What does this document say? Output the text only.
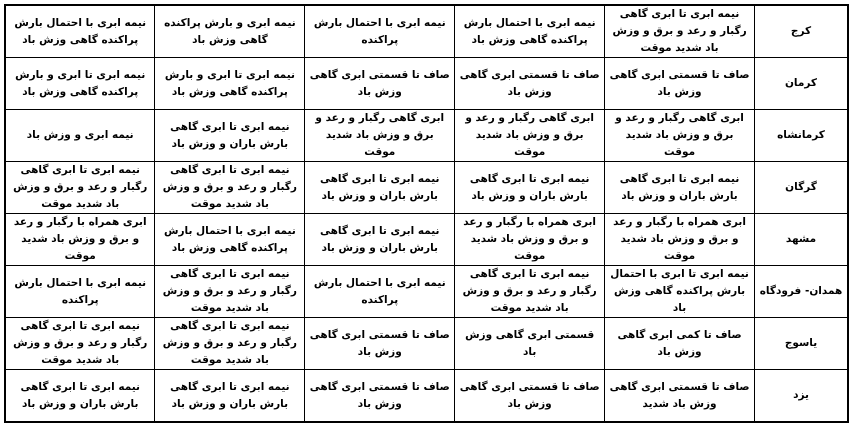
کرج	نیمه ابری تا ابری گاهی رگبار و رعد و برق و وزش باد شدید موقت	نیمه ابری با احتمال بارش پراکنده گاهی وزش باد	نیمه ابری با احتمال بارش پراکنده	نیمه ابری و بارش پراکنده گاهی وزش باد	نیمه ابری با احتمال بارش پراکنده گاهی وزش باد
کرمان	صاف تا قسمتی ابری گاهی وزش باد	صاف تا قسمتی ابری گاهی وزش باد	صاف تا قسمتی ابری گاهی وزش باد	نیمه ابری تا ابری و بارش پراکنده گاهی وزش باد	نیمه ابری تا ابری و بارش پراکنده گاهی وزش باد
کرمانشاه	ابری گاهی رگبار و رعد و برق و وزش باد شدید موقت	ابری گاهی رگبار و رعد و برق و وزش باد شدید موقت	ابری گاهی رگبار و رعد و برق و وزش باد شدید موقت	نیمه ابری تا ابری گاهی بارش باران و وزش باد	نیمه ابری و وزش باد
گرگان	نیمه ابری تا ابری گاهی بارش باران و وزش باد	نیمه ابری تا ابری گاهی بارش باران و وزش باد	نیمه ابری تا ابری گاهی بارش باران و وزش باد	نیمه ابری تا ابری گاهی رگبار و رعد و برق و وزش باد شدید موقت	نیمه ابری تا ابری گاهی رگبار و رعد و برق و وزش باد شدید موقت
مشهد	ابری همراه با رگبار و رعد و برق و وزش باد شدید موقت	ابری همراه با رگبار و رعد و برق و وزش باد شدید موقت	نیمه ابری تا ابری گاهی بارش باران و وزش باد	نیمه ابری با احتمال بارش پراکنده گاهی وزش باد	ابری همراه با رگبار و رعد و برق و وزش باد شدید موقت
همدان- فرودگاه	نیمه ابری تا ابری با احتمال بارش پراکنده گاهی وزش باد	نیمه ابری تا ابری گاهی رگبار و رعد و برق و وزش باد شدید موقت	نیمه ابری با احتمال بارش پراکنده	نیمه ابری تا ابری گاهی رگبار و رعد و برق و وزش باد شدید موقت	نیمه ابری با احتمال بارش پراکنده
یاسوج	صاف تا کمی ابری گاهی وزش باد	قسمتی ابری گاهی وزش باد	صاف تا قسمتی ابری گاهی وزش باد	نیمه ابری تا ابری گاهی رگبار و رعد و برق و وزش باد شدید موقت	نیمه ابری تا ابری گاهی رگبار و رعد و برق و وزش باد شدید موقت
یزد	صاف تا قسمتی ابری گاهی وزش باد شدید	صاف تا قسمتی ابری گاهی وزش باد	صاف تا قسمتی ابری گاهی وزش باد	نیمه ابری تا ابری گاهی بارش باران و وزش باد	نیمه ابری تا ابری گاهی بارش باران و وزش باد
